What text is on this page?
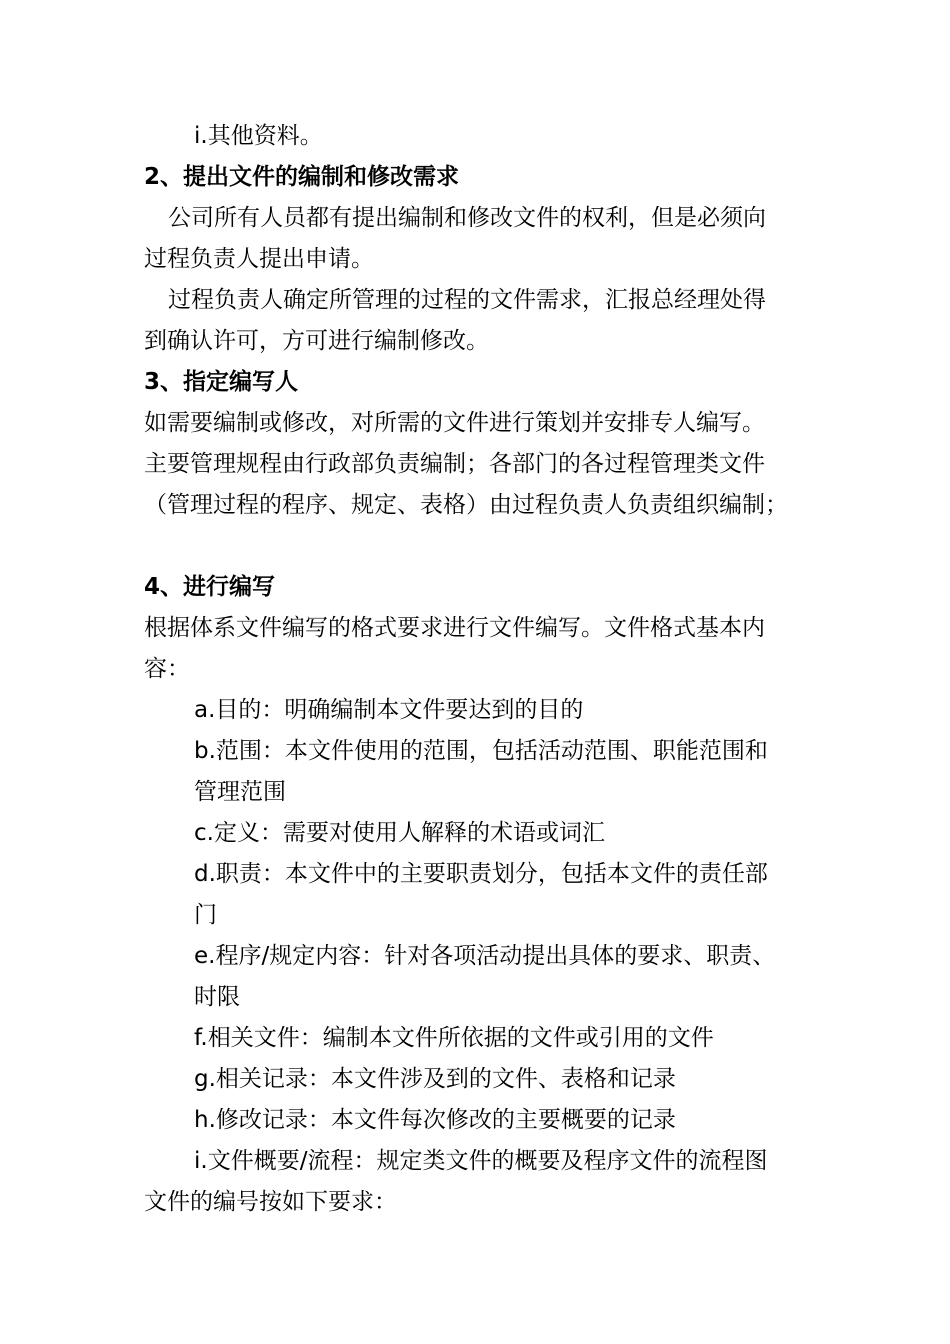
i.其他资料。
2、提出文件的编制和修改需求
公司所有人员都有提出编制和修改文件的权利，但是必须向
过程负责人提出申请。
过程负责人确定所管理的过程的文件需求，汇报总经理处得
到确认许可，方可进行编制修改。
3、指定编写人
如需要编制或修改，对所需的文件进行策划并安排专人编写。
主要管理规程由行政部负责编制；各部门的各过程管理类文件
（管理过程的程序、规定、表格）由过程负责人负责组织编制；
4、进行编写
根据体系文件编写的格式要求进行文件编写。文件格式基本内
容：
a.目的：明确编制本文件要达到的目的
b.范围：本文件使用的范围，包括活动范围、职能范围和
管理范围
c.定义：需要对使用人解释的术语或词汇
d.职责：本文件中的主要职责划分，包括本文件的责任部
门
e.程序/规定内容：针对各项活动提出具体的要求、职责、
时限
f.相关文件：编制本文件所依据的文件或引用的文件
g.相关记录：本文件涉及到的文件、表格和记录
h.修改记录：本文件每次修改的主要概要的记录
i.文件概要/流程：规定类文件的概要及程序文件的流程图
文件的编号按如下要求：
